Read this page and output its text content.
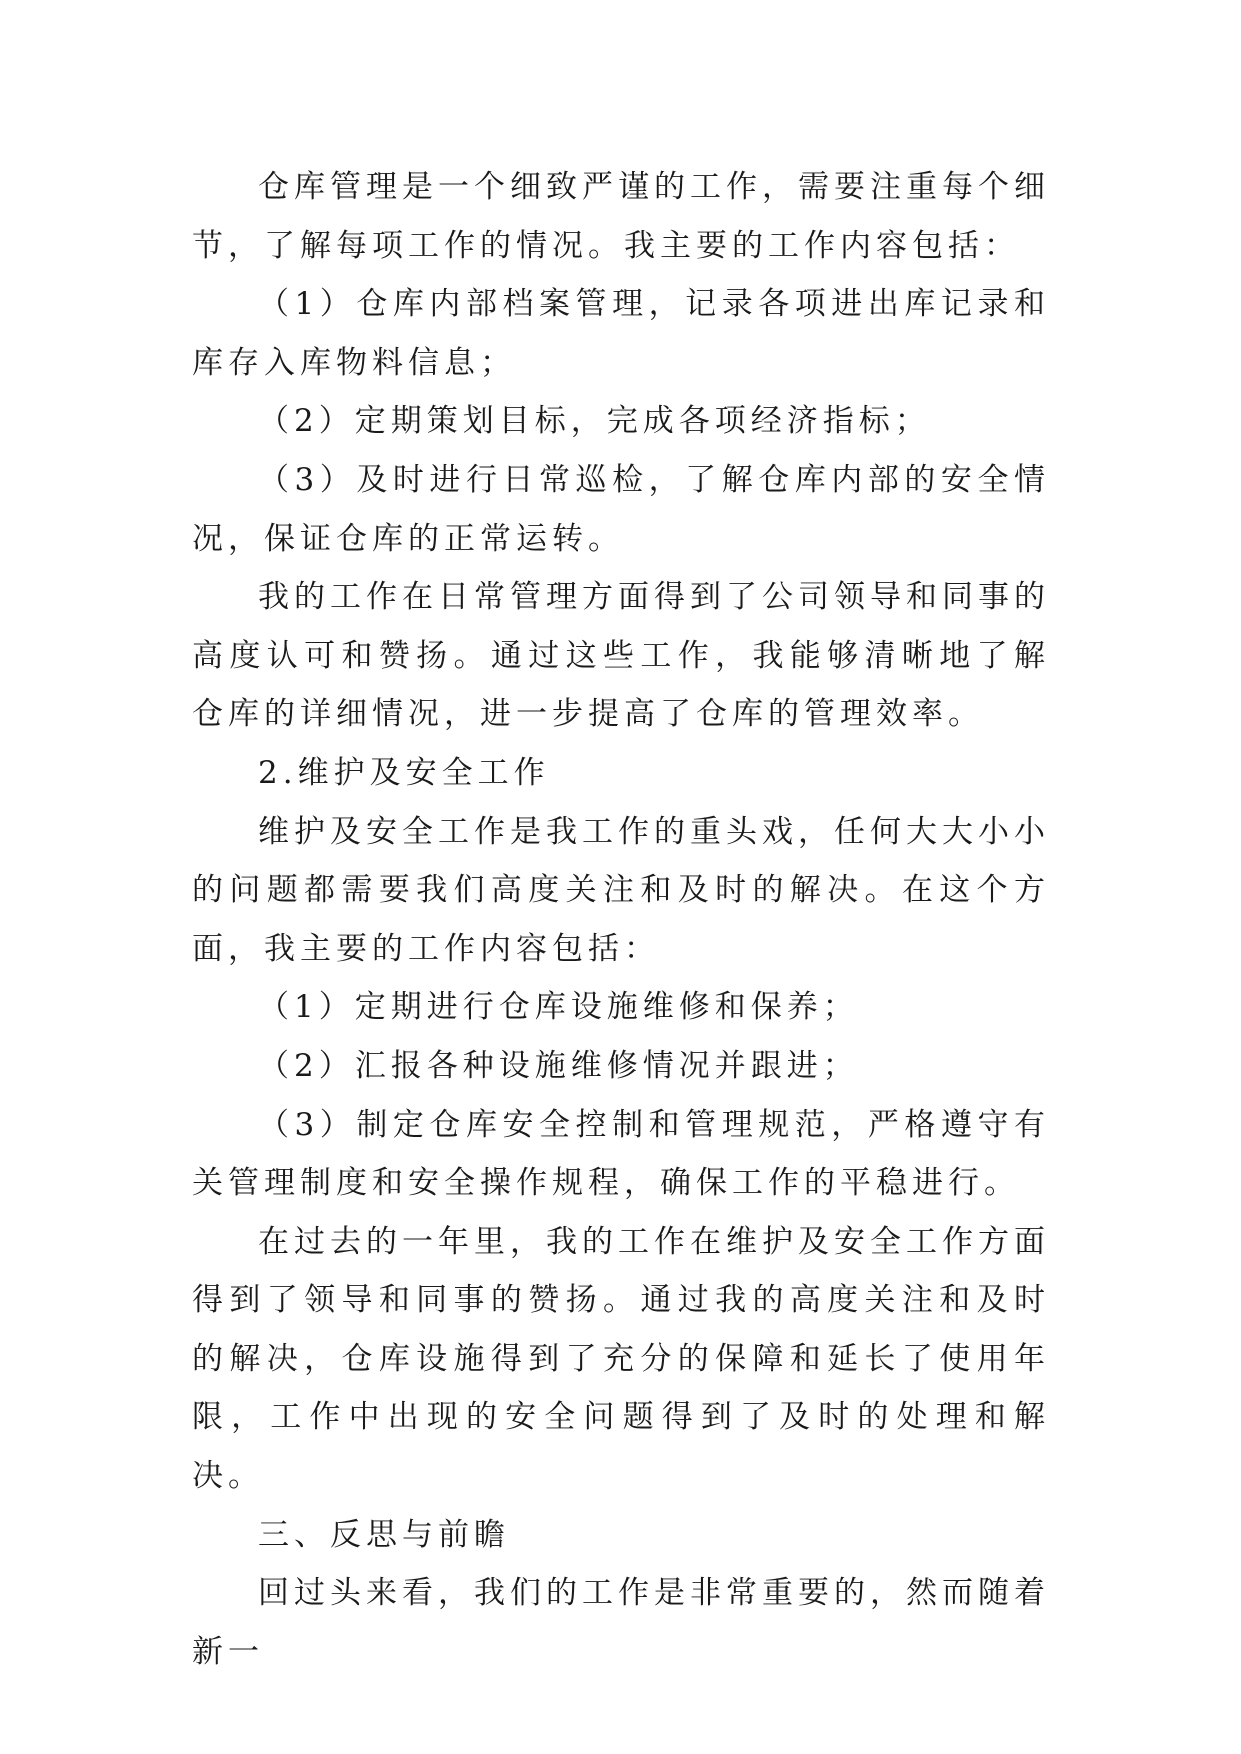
仓库管理是一个细致严谨的工作，需要注重每个细节，了解每项工作的情况。我主要的工作内容包括：

（1）仓库内部档案管理，记录各项进出库记录和库存入库物料信息；

（2）定期策划目标，完成各项经济指标；

（3）及时进行日常巡检，了解仓库内部的安全情况，保证仓库的正常运转。

我的工作在日常管理方面得到了公司领导和同事的高度认可和赞扬。通过这些工作，我能够清晰地了解仓库的详细情况，进一步提高了仓库的管理效率。

2.维护及安全工作

维护及安全工作是我工作的重头戏，任何大大小小的问题都需要我们高度关注和及时的解决。在这个方面，我主要的工作内容包括：

（1）定期进行仓库设施维修和保养；

（2）汇报各种设施维修情况并跟进；

（3）制定仓库安全控制和管理规范，严格遵守有关管理制度和安全操作规程，确保工作的平稳进行。

在过去的一年里，我的工作在维护及安全工作方面得到了领导和同事的赞扬。通过我的高度关注和及时的解决，仓库设施得到了充分的保障和延长了使用年限，工作中出现的安全问题得到了及时的处理和解决。

三、反思与前瞻

回过头来看，我们的工作是非常重要的，然而随着新一
